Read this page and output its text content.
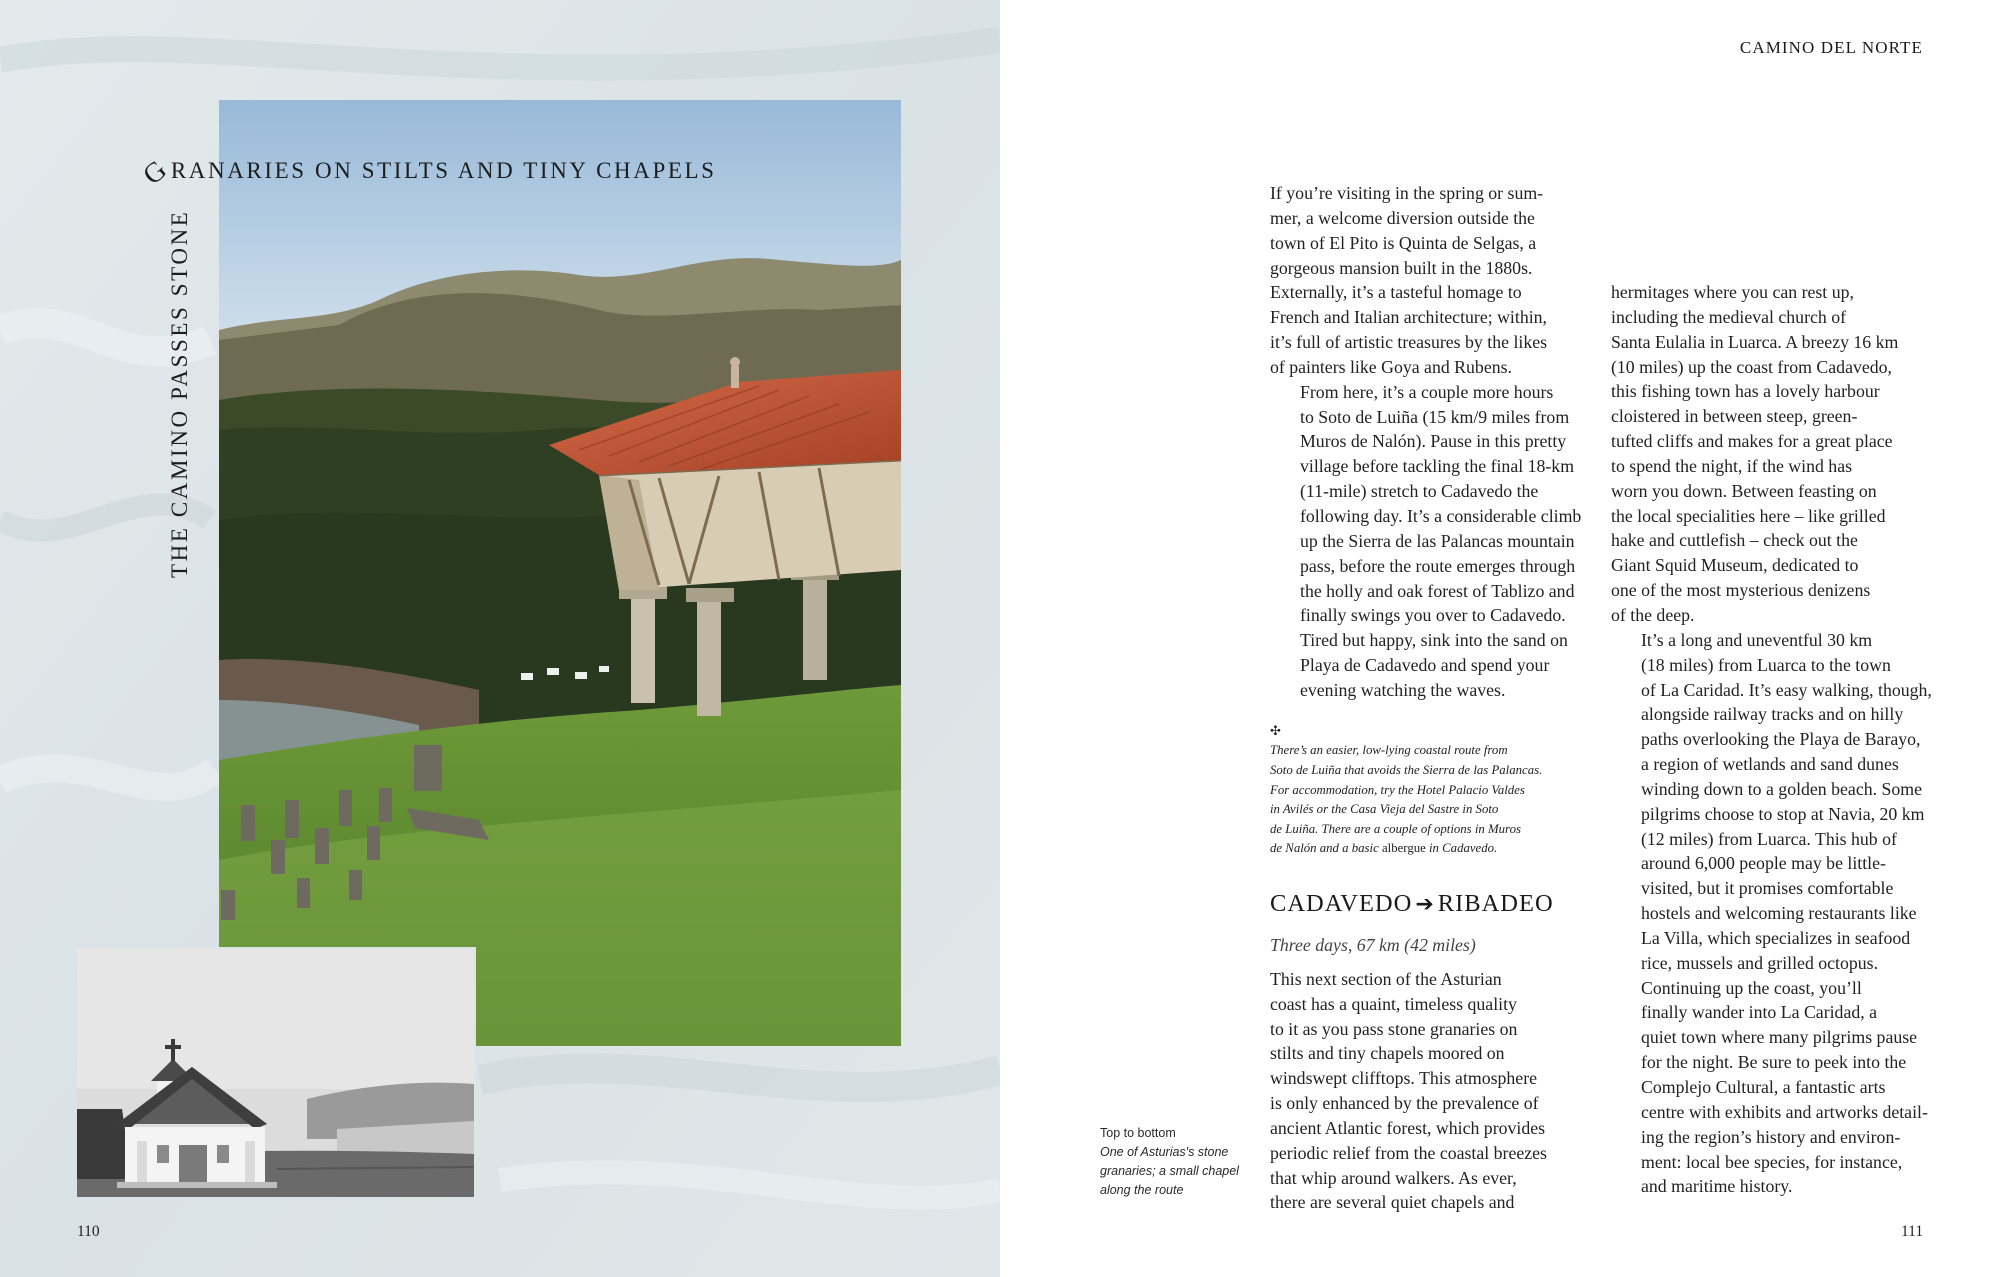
THE CAMINO PASSES STONE
GRANARIES ON STILTS AND TINY CHAPELS
110
Top to bottom
One of Asturias's stone
granaries; a small chapel
along the route
CAMINO DEL NORTE

If you’re visiting in the spring or sum-
mer, a welcome diversion outside the
town of El Pito is Quinta de Selgas, a
gorgeous mansion built in the 1880s.
Externally, it’s a tasteful homage to
French and Italian architecture; within,
it’s full of artistic treasures by the likes
of painters like Goya and Rubens.

From here, it’s a couple more hours
to Soto de Luiña (15 km/9 miles from
Muros de Nalón). Pause in this pretty
village before tackling the final 18-km
(11-mile) stretch to Cadavedo the
following day. It’s a considerable climb
up the Sierra de las Palancas mountain
pass, before the route emerges through
the holly and oak forest of Tablizo and
finally swings you over to Cadavedo.
Tired but happy, sink into the sand on
Playa de Cadavedo and spend your
evening watching the waves.

✣
There’s an easier, low-lying coastal route from
Soto de Luiña that avoids the Sierra de las Palancas.
For accommodation, try the Hotel Palacio Valdes
in Avilés or the Casa Vieja del Sastre in Soto
de Luiña. There are a couple of options in Muros
de Nalón and a basic albergue in Cadavedo.

CADAVEDO ➔ RIBADEO
Three days, 67 km (42 miles)

This next section of the Asturian
coast has a quaint, timeless quality
to it as you pass stone granaries on
stilts and tiny chapels moored on
windswept clifftops. This atmosphere
is only enhanced by the prevalence of
ancient Atlantic forest, which provides
periodic relief from the coastal breezes
that whip around walkers. As ever,
there are several quiet chapels and

hermitages where you can rest up,
including the medieval church of
Santa Eulalia in Luarca. A breezy 16 km
(10 miles) up the coast from Cadavedo,
this fishing town has a lovely harbour
cloistered in between steep, green-
tufted cliffs and makes for a great place
to spend the night, if the wind has
worn you down. Between feasting on
the local specialities here – like grilled
hake and cuttlefish – check out the
Giant Squid Museum, dedicated to
one of the most mysterious denizens
of the deep.

It’s a long and uneventful 30 km
(18 miles) from Luarca to the town
of La Caridad. It’s easy walking, though,
alongside railway tracks and on hilly
paths overlooking the Playa de Barayo,
a region of wetlands and sand dunes
winding down to a golden beach. Some
pilgrims choose to stop at Navia, 20 km
(12 miles) from Luarca. This hub of
around 6,000 people may be little-
visited, but it promises comfortable
hostels and welcoming restaurants like
La Villa, which specializes in seafood
rice, mussels and grilled octopus.

Continuing up the coast, you’ll
finally wander into La Caridad, a
quiet town where many pilgrims pause
for the night. Be sure to peek into the
Complejo Cultural, a fantastic arts
centre with exhibits and artworks detail-
ing the region’s history and environ-
ment: local bee species, for instance,
and maritime history.

111
